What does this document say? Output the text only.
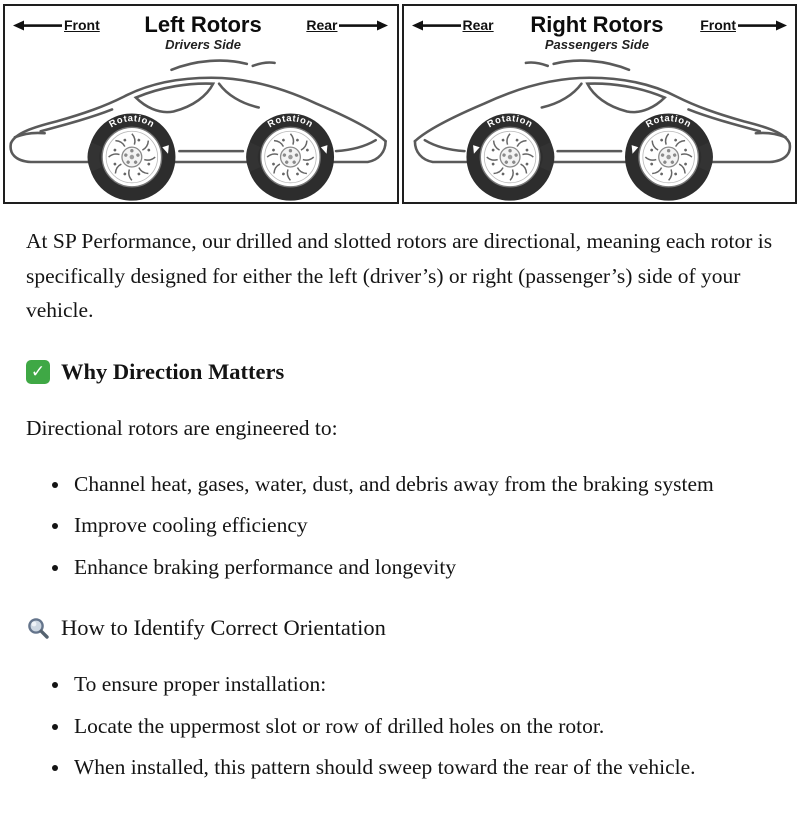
Front Left Rotors
Drivers Side
Rear
Rotation	Rotation
Rear Right Rotors
Passengers Side
Front
Rotation
Rotation

At SP Performance, our drilled and slotted rotors are directional, meaning each rotor is specifically designed for either the left (driver’s) or right (passenger’s) side of your vehicle.

✓ Why Direction Matters

Directional rotors are engineered to:

• Channel heat, gases, water, dust, and debris away from the braking system
• Improve cooling efficiency
• Enhance braking performance and longevity
How to Identify Correct Orientation
• To ensure proper installation:
• Locate the uppermost slot or row of drilled holes on the rotor.
• When installed, this pattern should sweep toward the rear of the vehicle.
